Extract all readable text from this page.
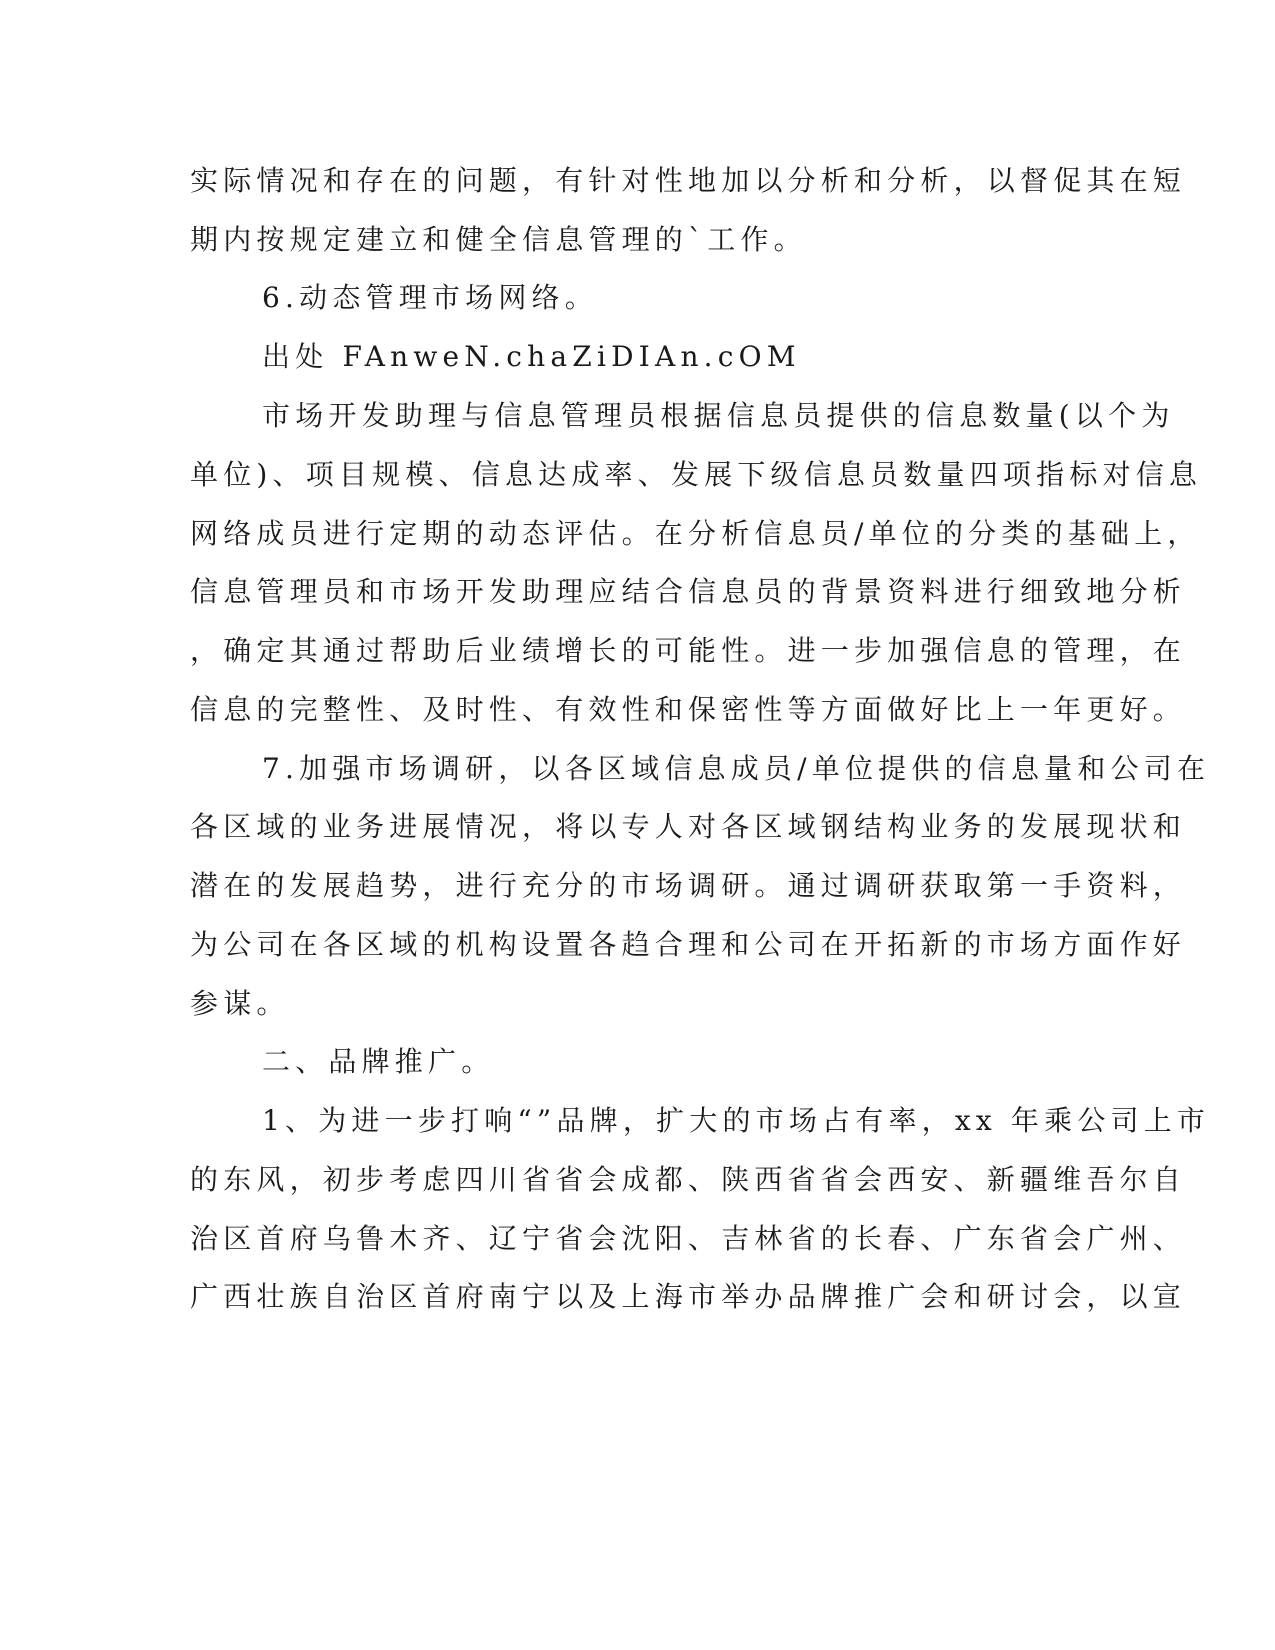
实际情况和存在的问题，有针对性地加以分析和分析，以督促其在短
期内按规定建立和健全信息管理的`工作。
6.动态管理市场网络。
出处 FAnweN.chaZiDIAn.cOM
市场开发助理与信息管理员根据信息员提供的信息数量(以个为
单位)、项目规模、信息达成率、发展下级信息员数量四项指标对信息
网络成员进行定期的动态评估。在分析信息员/单位的分类的基础上，
信息管理员和市场开发助理应结合信息员的背景资料进行细致地分析
，确定其通过帮助后业绩增长的可能性。进一步加强信息的管理，在
信息的完整性、及时性、有效性和保密性等方面做好比上一年更好。
7.加强市场调研，以各区域信息成员/单位提供的信息量和公司在
各区域的业务进展情况，将以专人对各区域钢结构业务的发展现状和
潜在的发展趋势，进行充分的市场调研。通过调研获取第一手资料，
为公司在各区域的机构设置各趋合理和公司在开拓新的市场方面作好
参谋。
二、品牌推广。
1、为进一步打响“”品牌，扩大的市场占有率，xx 年乘公司上市
的东风，初步考虑四川省省会成都、陕西省省会西安、新疆维吾尔自
治区首府乌鲁木齐、辽宁省会沈阳、吉林省的长春、广东省会广州、
广西壮族自治区首府南宁以及上海市举办品牌推广会和研讨会，以宣
